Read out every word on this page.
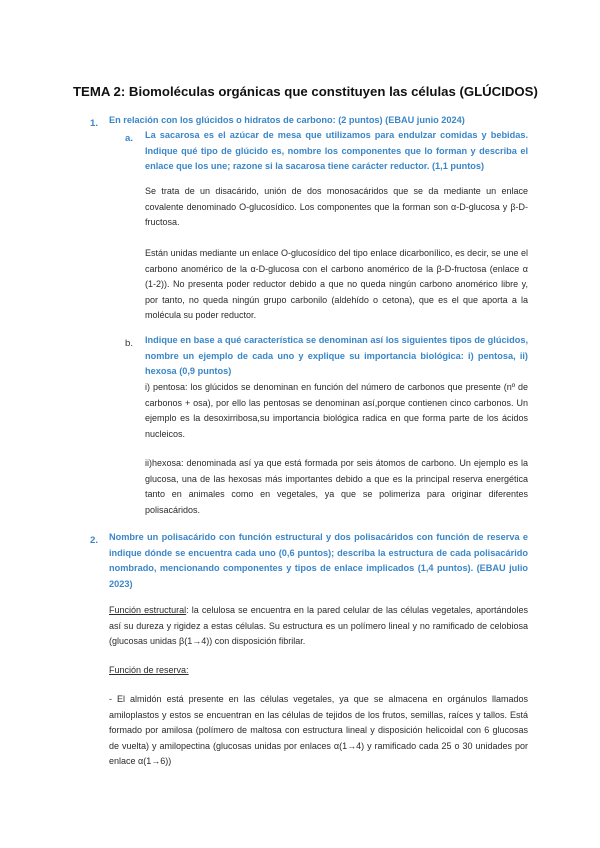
TEMA 2: Biomoléculas orgánicas que constituyen las células (GLÚCIDOS)
1. En relación con los glúcidos o hidratos de carbono: (2 puntos) (EBAU junio 2024)

a. La sacarosa es el azúcar de mesa que utilizamos para endulzar comidas y bebidas. Indique qué tipo de glúcido es, nombre los componentes que lo forman y describa el enlace que los une; razone si la sacarosa tiene carácter reductor. (1,1 puntos)

Se trata de un disacárido, unión de dos monosacáridos que se da mediante un enlace covalente denominado O-glucosídico. Los componentes que la forman son α-D-glucosa y β-D-fructosa.

Están unidas mediante un enlace O-glucosídico del tipo enlace dicarbonílico, es decir, se une el carbono anomérico de la α-D-glucosa con el carbono anomérico de la β-D-fructosa (enlace α (1-2)). No presenta poder reductor debido a que no queda ningún carbono anomérico libre y, por tanto, no queda ningún grupo carbonilo (aldehído o cetona), que es el que aporta a la molécula su poder reductor.

b. Indique en base a qué característica se denominan así los siguientes tipos de glúcidos, nombre un ejemplo de cada uno y explique su importancia biológica: i) pentosa, ii) hexosa (0,9 puntos)

i) pentosa: los glúcidos se denominan en función del número de carbonos que presente (nº de carbonos + osa), por ello las pentosas se denominan así,porque contienen cinco carbonos. Un ejemplo es la desoxirribosa,su importancia biológica radica en que forma parte de los ácidos nucleicos.

ii)hexosa: denominada así ya que está formada por seis átomos de carbono. Un ejemplo es la glucosa, una de las hexosas más importantes debido a que es la principal reserva energética tanto en animales como en vegetales, ya que se polimeriza para originar diferentes polisacáridos.

2. Nombre un polisacárido con función estructural y dos polisacáridos con función de reserva e indique dónde se encuentra cada uno (0,6 puntos); describa la estructura de cada polisacárido nombrado, mencionando componentes y tipos de enlace implicados (1,4 puntos). (EBAU julio 2023)

Función estructural: la celulosa se encuentra en la pared celular de las células vegetales, aportándoles así su dureza y rigidez a estas células. Su estructura es un polímero lineal y no ramificado de celobiosa (glucosas unidas β(1→4)) con disposición fibrilar.

Función de reserva:

- El almidón está presente en las células vegetales, ya que se almacena en orgánulos llamados amiloplastos y estos se encuentran en las células de tejidos de los frutos, semillas, raíces y tallos. Está formado por amilosa (polímero de maltosa con estructura lineal y disposición helicoidal con 6 glucosas de vuelta) y amilopectina (glucosas unidas por enlaces α(1→4) y ramificado cada 25 o 30 unidades por enlace α(1→6))
